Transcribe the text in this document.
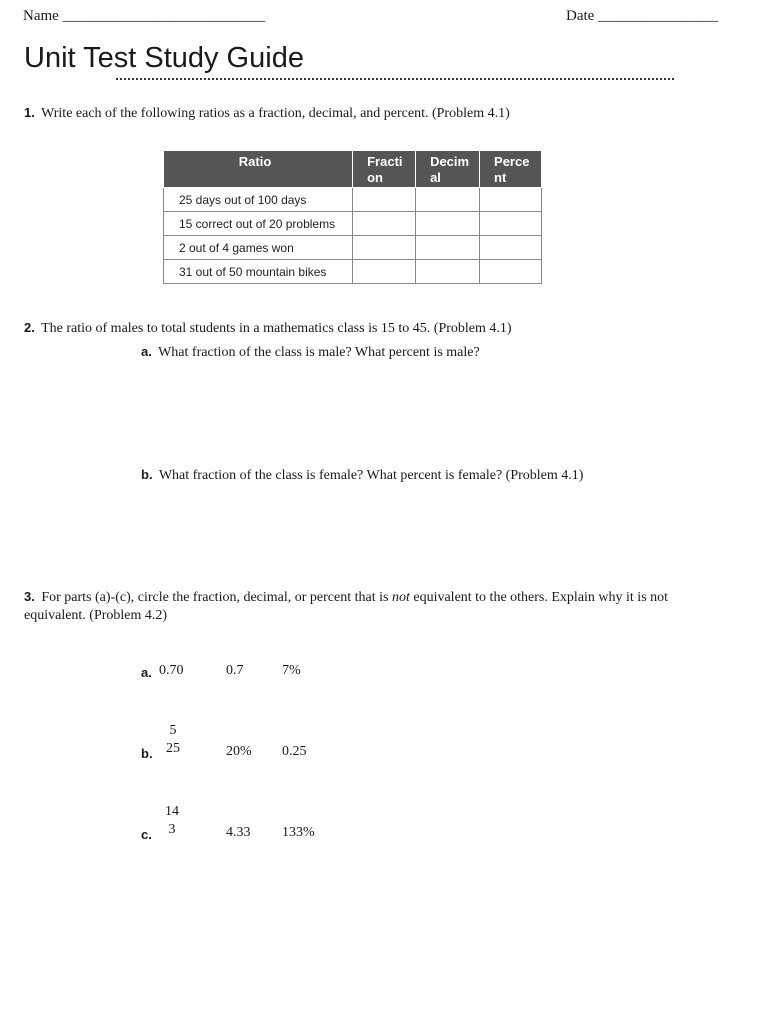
Name ___________________________	Date ________________
Unit Test Study Guide
1. Write each of the following ratios as a fraction, decimal, and percent. (Problem 4.1)
Ratio	Fracti on	Decim al	Perce nt
25 days out of 100 days			
15 correct out of 20 problems			
2 out of 4 games won			
31 out of 50 mountain bikes			
2. The ratio of males to total students in a mathematics class is 15 to 45. (Problem 4.1)
a. What fraction of the class is male? What percent is male?
b. What fraction of the class is female? What percent is female? (Problem 4.1)
3. For parts (a)-(c), circle the fraction, decimal, or percent that is not equivalent to the others. Explain why it is not
equivalent. (Problem 4.2)
a. 0.70	0.7	7%
b.
5
25	20% 0.25
c.
14
3	4.33 133%
